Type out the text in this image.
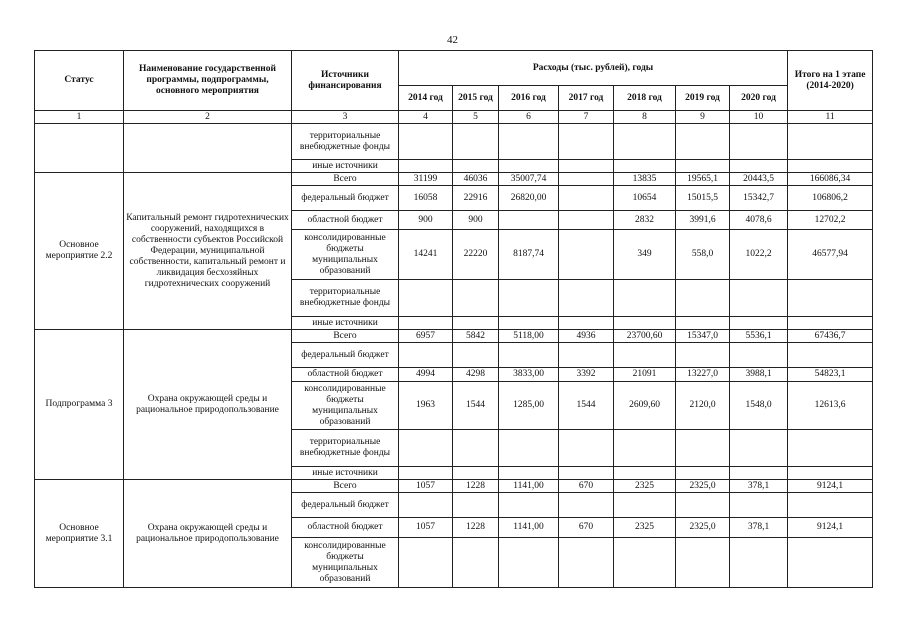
42
Статус	Наименование государственной программы, подпрограммы, основного мероприятия	Источники финансирования	Расходы (тыс. рублей), годы							Итого на 1 этапе (2014-2020)
			2014 год	2015 год	2016 год	2017 год	2018 год	2019 год	2020 год	
1	2	3	4	5	6	7	8	9	10	11
		территориальные внебюджетные фонды								
		иные источники								
Основное мероприятие 2.2	Капитальный ремонт гидротехнических сооружений, находящихся в собственности субъектов Российской Федерации, муниципальной собственности, капитальный ремонт и ликвидация бесхозяйных гидротехнических сооружений	Всего	31199	46036	35007,74		13835	19565,1	20443,5	166086,34
		федеральный бюджет	16058	22916	26820,00		10654	15015,5	15342,7	106806,2
		областной бюджет	900	900			2832	3991,6	4078,6	12702,2
		консолидированные бюджеты муниципальных образований	14241	22220	8187,74		349	558,0	1022,2	46577,94
		территориальные внебюджетные фонды								
		иные источники								
Подпрограмма 3	Охрана окружающей среды и рациональное природопользование	Всего	6957	5842	5118,00	4936	23700,60	15347,0	5536,1	67436,7
		федеральный бюджет								
		областной бюджет	4994	4298	3833,00	3392	21091	13227,0	3988,1	54823,1
		консолидированные бюджеты муниципальных образований	1963	1544	1285,00	1544	2609,60	2120,0	1548,0	12613,6
		территориальные внебюджетные фонды								
		иные источники								
Основное мероприятие 3.1	Охрана окружающей среды и рациональное природопользование	Всего	1057	1228	1141,00	670	2325	2325,0	378,1	9124,1
		федеральный бюджет								
		областной бюджет	1057	1228	1141,00	670	2325	2325,0	378,1	9124,1
		консолидированные бюджеты муниципальных образований								
